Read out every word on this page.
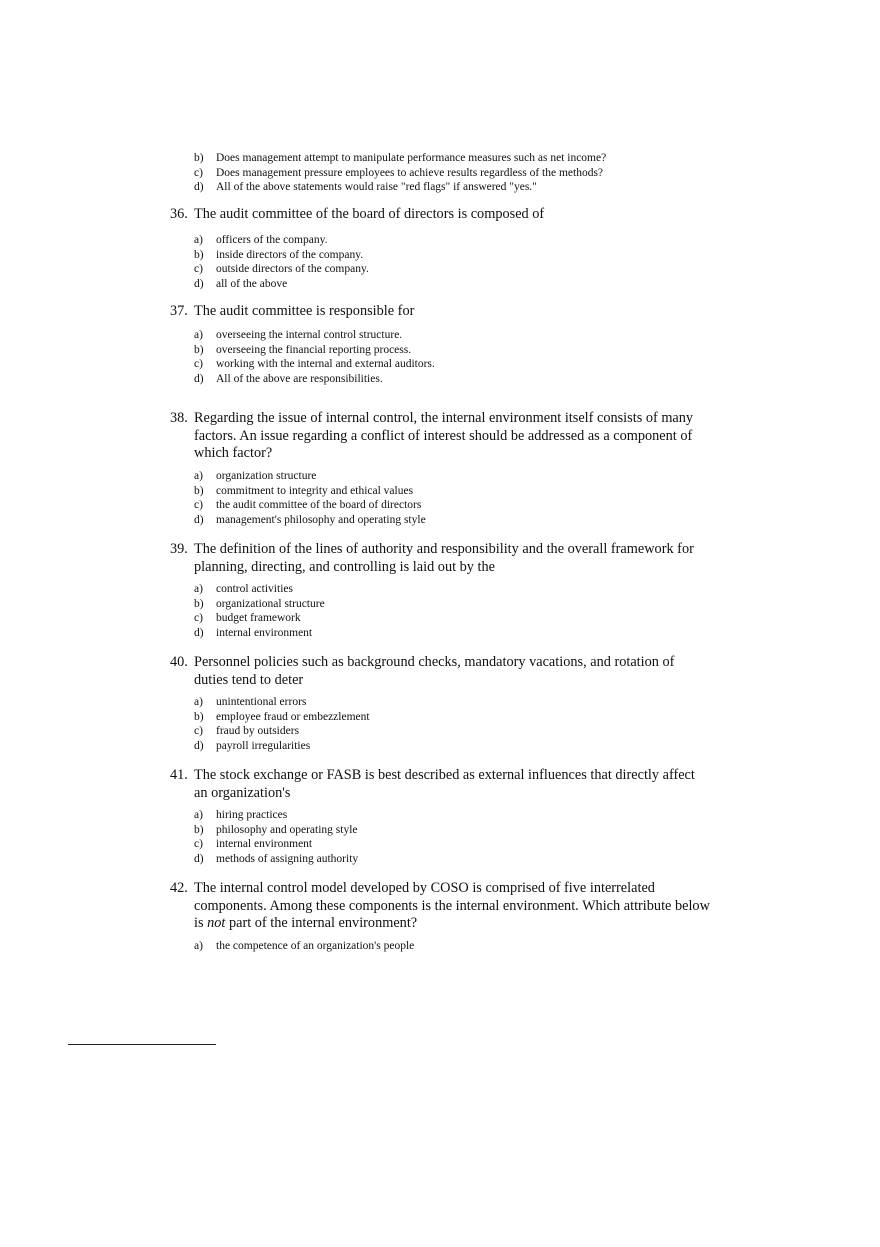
b)	Does management attempt to manipulate performance measures such as net income?
c)	Does management pressure employees to achieve results regardless of the methods?
d)	All of the above statements would raise "red flags" if answered "yes."
36. The audit committee of the board of directors is composed of
a)	officers of the company.
b)	inside directors of the company.
c)	outside directors of the company.
d)	all of the above
37. The audit committee is responsible for
a)	overseeing the internal control structure.
b)	overseeing the financial reporting process.
c)	working with the internal and external auditors.
d)	All of the above are responsibilities.
38. Regarding the issue of internal control, the internal environment itself consists of many factors. An issue regarding a conflict of interest should be addressed as a component of which factor?
a)	organization structure
b)	commitment to integrity and ethical values
c)	the audit committee of the board of directors
d)	management's philosophy and operating style
39. The definition of the lines of authority and responsibility and the overall framework for planning, directing, and controlling is laid out by the
a)	control activities
b)	organizational structure
c)	budget framework
d)	internal environment
40. Personnel policies such as background checks, mandatory vacations, and rotation of duties tend to deter
a)	unintentional errors
b)	employee fraud or embezzlement
c)	fraud by outsiders
d)	payroll irregularities
41. The stock exchange or FASB is best described as external influences that directly affect an organization's
a)	hiring practices
b)	philosophy and operating style
c)	internal environment
d)	methods of assigning authority
42. The internal control model developed by COSO is comprised of five interrelated components. Among these components is the internal environment. Which attribute below is not part of the internal environment?
a)	the competence of an organization's people
